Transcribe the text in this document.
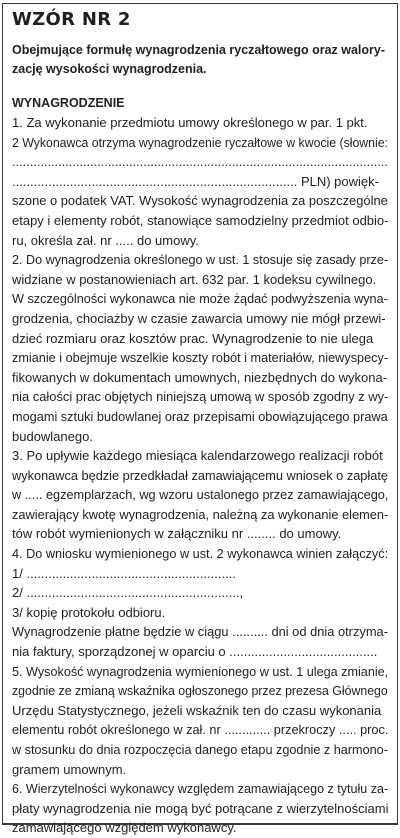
WZÓR NR 2

Obejmujące formułę wynagrodzenia ryczałtowego oraz walory- zację wysokości wynagrodzenia.

WYNAGRODZENIE

1. Za wykonanie przedmiotu umowy określonego w par. 1 pkt.
2 Wykonawca otrzyma wynagrodzenie ryczałtowe w kwocie (słownie:
..........................................................................................................
............................................................................... PLN) powięk-
szone o podatek VAT. Wysokość wynagrodzenia za poszczególne
etapy i elementy robót, stanowiące samodzielny przedmiot odbio-
ru, określa zał. nr ..... do umowy.
2. Do wynagrodzenia określonego w ust. 1 stosuje się zasady prze-
widziane w postanowieniach art. 632 par. 1 kodeksu cywilnego.
W szczególności wykonawca nie może żądać podwyższenia wyna-
grodzenia, chociażby w czasie zawarcia umowy nie mógł przewi-
dzieć rozmiaru oraz kosztów prac. Wynagrodzenie to nie ulega
zmianie i obejmuje wszelkie koszty robót i materiałów, niewyspecy-
fikowanych w dokumentach umownych, niezbędnych do wykona-
nia całości prac objętych niniejszą umową w sposób zgodny z wy-
mogami sztuki budowlanej oraz przepisami obowiązującego prawa
budowlanego.
3. Po upływie każdego miesiąca kalendarzowego realizacji robót
wykonawca będzie przedkładał zamawiającemu wniosek o zapłatę
w ..... egzemplarzach, wg wzoru ustalonego przez zamawiającego,
zawierający kwotę wynagrodzenia, należną za wykonanie elemen-
tów robót wymienionych w załączniku nr ........ do umowy.
4. Do wniosku wymienionego w ust. 2 wykonawca winien załączyć:
1/ ..........................................................
2/ ...........................................................,
3/ kopię protokołu odbioru.
Wynagrodzenie płatne będzie w ciągu .......... dni od dnia otrzyma-
nia faktury, sporządzonej w oparciu o .........................................
5. Wysokość wynagrodzenia wymienionego w ust. 1 ulega zmianie,
zgodnie ze zmianą wskaźnika ogłoszonego przez prezesa Głównego
Urzędu Statystycznego, jeżeli wskaźnik ten do czasu wykonania
elementu robót określonego w zał. nr ............. przekroczy ..... proc.
w stosunku do dnia rozpoczęcia danego etapu zgodnie z harmono-
gramem umownym.
6. Wierzytelności wykonawcy względem zamawiającego z tytułu za-
płaty wynagrodzenia nie mogą być potrącane z wierzytelnościami
zamawiającego względem wykonawcy.
